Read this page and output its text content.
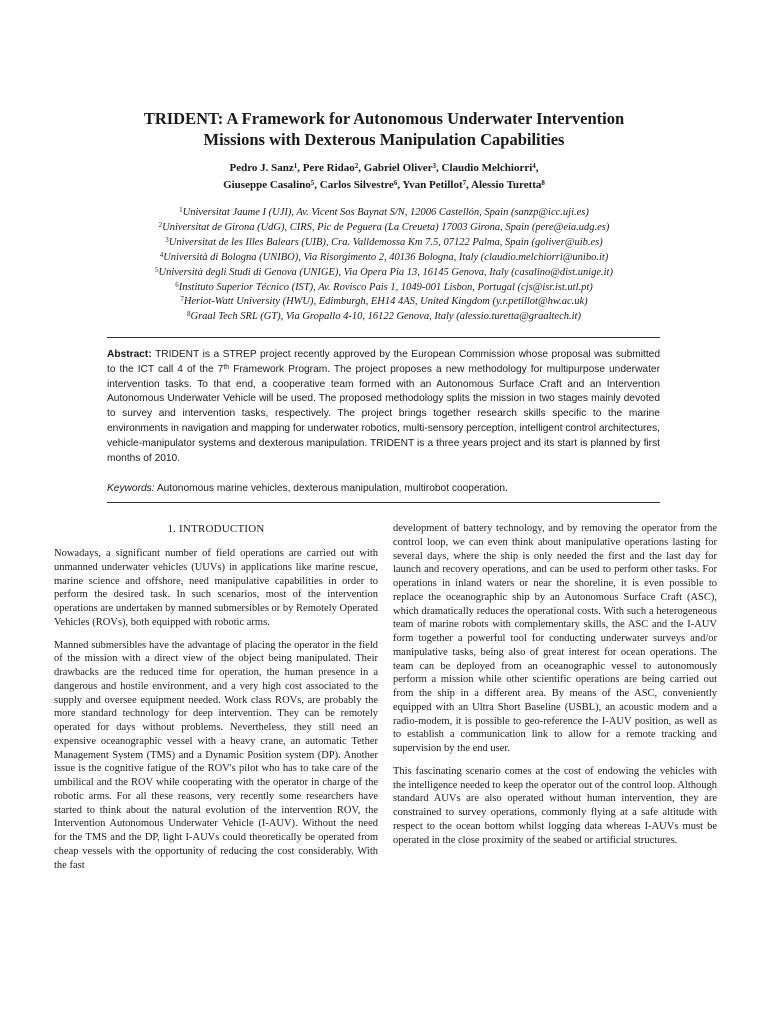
TRIDENT: A Framework for Autonomous Underwater Intervention
Missions with Dexterous Manipulation Capabilities
Pedro J. Sanz$^1$, Pere Ridao$^2$, Gabriel Oliver$^3$, Claudio Melchiorri$^4$,
Giuseppe Casalino$^5$, Carlos Silvestre$^6$, Yvan Petillot$^7$, Alessio Turetta$^8$
$^1$Universitat Jaume I (UJI), Av. Vicent Sos Baynat S/N, 12006 Castellón, Spain (sanzp@icc.uji.es)
$^2$Universitat de Girona (UdG), CIRS, Pic de Peguera (La Creueta) 17003 Girona, Spain (pere@eia.udg.es)
$^3$Universitat de les Illes Balears (UIB), Cra. Valldemossa Km 7.5, 07122 Palma, Spain (goliver@uib.es)
$^4$Università di Bologna (UNIBO), Via Risorgimento 2, 40136 Bologna, Italy (claudio.melchiorri@unibo.it)
$^5$Università degli Studi di Genova (UNIGE), Via Opera Pia 13, 16145 Genova, Italy (casalino@dist.unige.it)
$^6$Instituto Superior Técnico (IST), Av. Rovisco Pais 1, 1049-001 Lisbon, Portugal (cjs@isr.ist.utl.pt)
$^7$Heriot-Watt University (HWU), Edimburgh, EH14 4AS, United Kingdom (y.r.petillot@hw.ac.uk)
$^8$Graal Tech SRL (GT), Via Gropallo 4-10, 16122 Genova, Italy (alessio.turetta@graaltech.it)
Abstract: TRIDENT is a STREP project recently approved by the European Commission whose proposal was submitted to the ICT call 4 of the 7th Framework Program. The project proposes a new methodology for multipurpose underwater intervention tasks. To that end, a cooperative team formed with an Autonomous Surface Craft and an Intervention Autonomous Underwater Vehicle will be used. The proposed methodology splits the mission in two stages mainly devoted to survey and intervention tasks, respectively. The project brings together research skills specific to the marine environments in navigation and mapping for underwater robotics, multi-sensory perception, intelligent control architectures, vehicle-manipulator systems and dexterous manipulation. TRIDENT is a three years project and its start is planned by first months of 2010.
Keywords: Autonomous marine vehicles, dexterous manipulation, multirobot cooperation.
1. INTRODUCTION

Nowadays, a significant number of field operations are carried out with unmanned underwater vehicles (UUVs) in applications like marine rescue, marine science and offshore, need manipulative capabilities in order to perform the desired task. In such scenarios, most of the intervention operations are undertaken by manned submersibles or by Remotely Operated Vehicles (ROVs), both equipped with robotic arms.

Manned submersibles have the advantage of placing the operator in the field of the mission with a direct view of the object being manipulated. Their drawbacks are the reduced time for operation, the human presence in a dangerous and hostile environment, and a very high cost associated to the supply and oversee equipment needed. Work class ROVs, are probably the more standard technology for deep intervention. They can be remotely operated for days without problems. Nevertheless, they still need an expensive oceanographic vessel with a heavy crane, an automatic Tether Management System (TMS) and a Dynamic Position system (DP). Another issue is the cognitive fatigue of the ROV's pilot who has to take care of the umbilical and the ROV while cooperating with the operator in charge of the robotic arms. For all these reasons, very recently some researchers have started to think about the natural evolution of the intervention ROV, the Intervention Autonomous Underwater Vehicle (I-AUV). Without the need for the TMS and the DP, light I-AUVs could theoretically be operated from cheap vessels with the opportunity of reducing the cost considerably. With the fast

development of battery technology, and by removing the operator from the control loop, we can even think about manipulative operations lasting for several days, where the ship is only needed the first and the last day for launch and recovery operations, and can be used to perform other tasks. For operations in inland waters or near the shoreline, it is even possible to replace the oceanographic ship by an Autonomous Surface Craft (ASC), which dramatically reduces the operational costs. With such a heterogeneous team of marine robots with complementary skills, the ASC and the I-AUV form together a powerful tool for conducting underwater surveys and/or manipulative tasks, being also of great interest for ocean operations. The team can be deployed from an oceanographic vessel to autonomously perform a mission while other scientific operations are being carried out from the ship in a different area. By means of the ASC, conveniently equipped with an Ultra Short Baseline (USBL), an acoustic modem and a radio-modem, it is possible to geo-reference the I-AUV position, as well as to establish a communication link to allow for a remote tracking and supervision by the end user.

This fascinating scenario comes at the cost of endowing the vehicles with the intelligence needed to keep the operator out of the control loop. Although standard AUVs are also operated without human intervention, they are constrained to survey operations, commonly flying at a safe altitude with respect to the ocean bottom whilst logging data whereas I-AUVs must be operated in the close proximity of the seabed or artificial structures.
